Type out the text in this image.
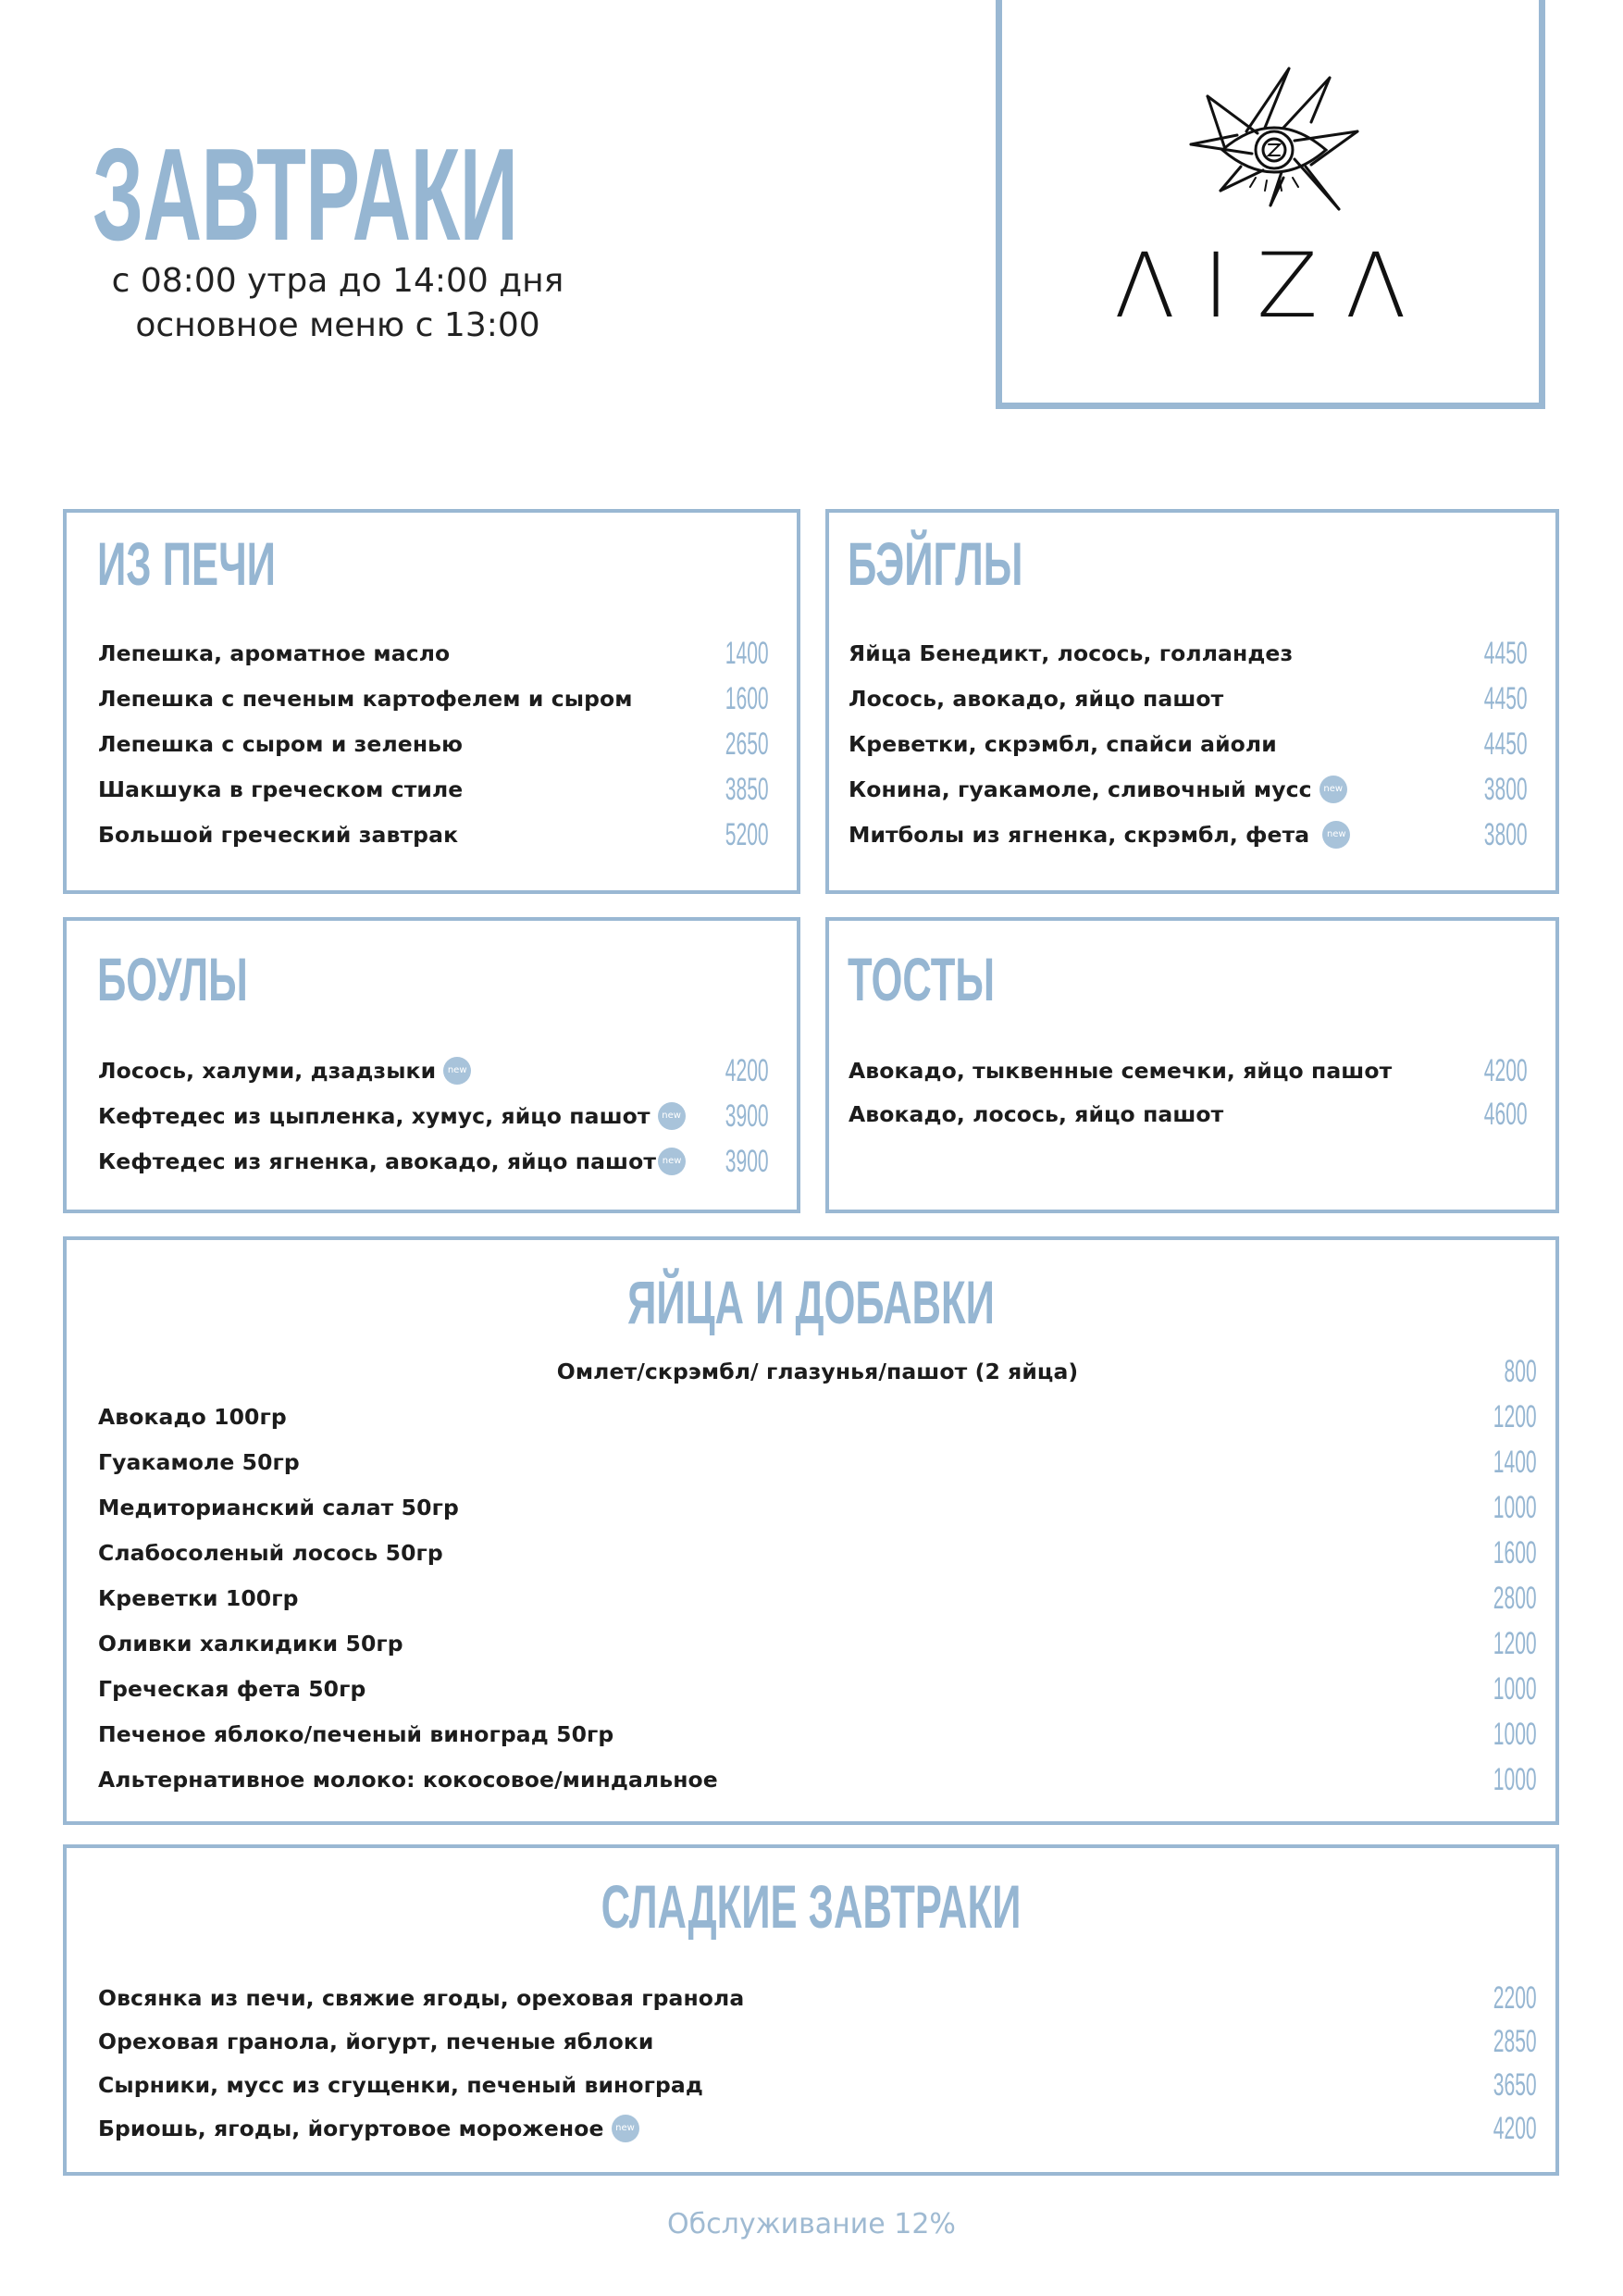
ЗАВТРАКИ
с 08:00 утра до 14:00 дня
основное меню с 13:00	ΛIZΛ
ИЗ ПЕЧИ
Лепешка, ароматное масло	1400
Лепешка с печеным картофелем и сыром	1600
Лепешка с сыром и зеленью	2650
Шакшука в греческом стиле	3850
Большой греческий завтрак	5200
БЭЙГЛЫ
Яйца Бенедикт, лосось, голландез	4450
Лосось, авокадо, яйцо пашот	4450
Креветки, скрэмбл, спайси айоли	4450
Конина, гуакамоле, сливочный мусс	new	3800
Митболы из ягненка, скрэмбл, фета	new	3800
БОУЛЫ
Лосось, халуми, дзадзыки	new	4200
Кефтедес из цыпленка, хумус, яйцо пашот	new 3900
Кефтедес из ягненка, авокадо, яйцо пашот new 3900
ТОСТЫ
Авокадо, тыквенные семечки, яйцо пашот	4200
Авокадо, лосось, яйцо пашот	4600
ЯЙЦА И ДОБАВКИ
Омлет/скрэмбл/ глазунья/пашот (2 яйца)	800
Авокадо 100гр	1200
Гуакамоле 50гр	1400
Медиторианский салат 50гр	1000
Слабосоленый лосось 50гр	1600
Креветки 100гр	2800
Оливки халкидики 50гр	1200
Греческая фета 50гр	1000
Печеное яблоко/печеный виноград 50гр	1000
Альтернативное молоко: кокосовое/миндальное	1000
СЛАДКИЕ ЗАВТРАКИ
Овсянка из печи, свяжие ягоды, ореховая гранола	2200
Ореховая гранола, йогурт, печеные яблоки	2850
Сырники, мусс из сгущенки, печеный виноград	3650
Бриошь, ягоды, йогуртовое мороженое	new	4200
Обслуживание 12%
